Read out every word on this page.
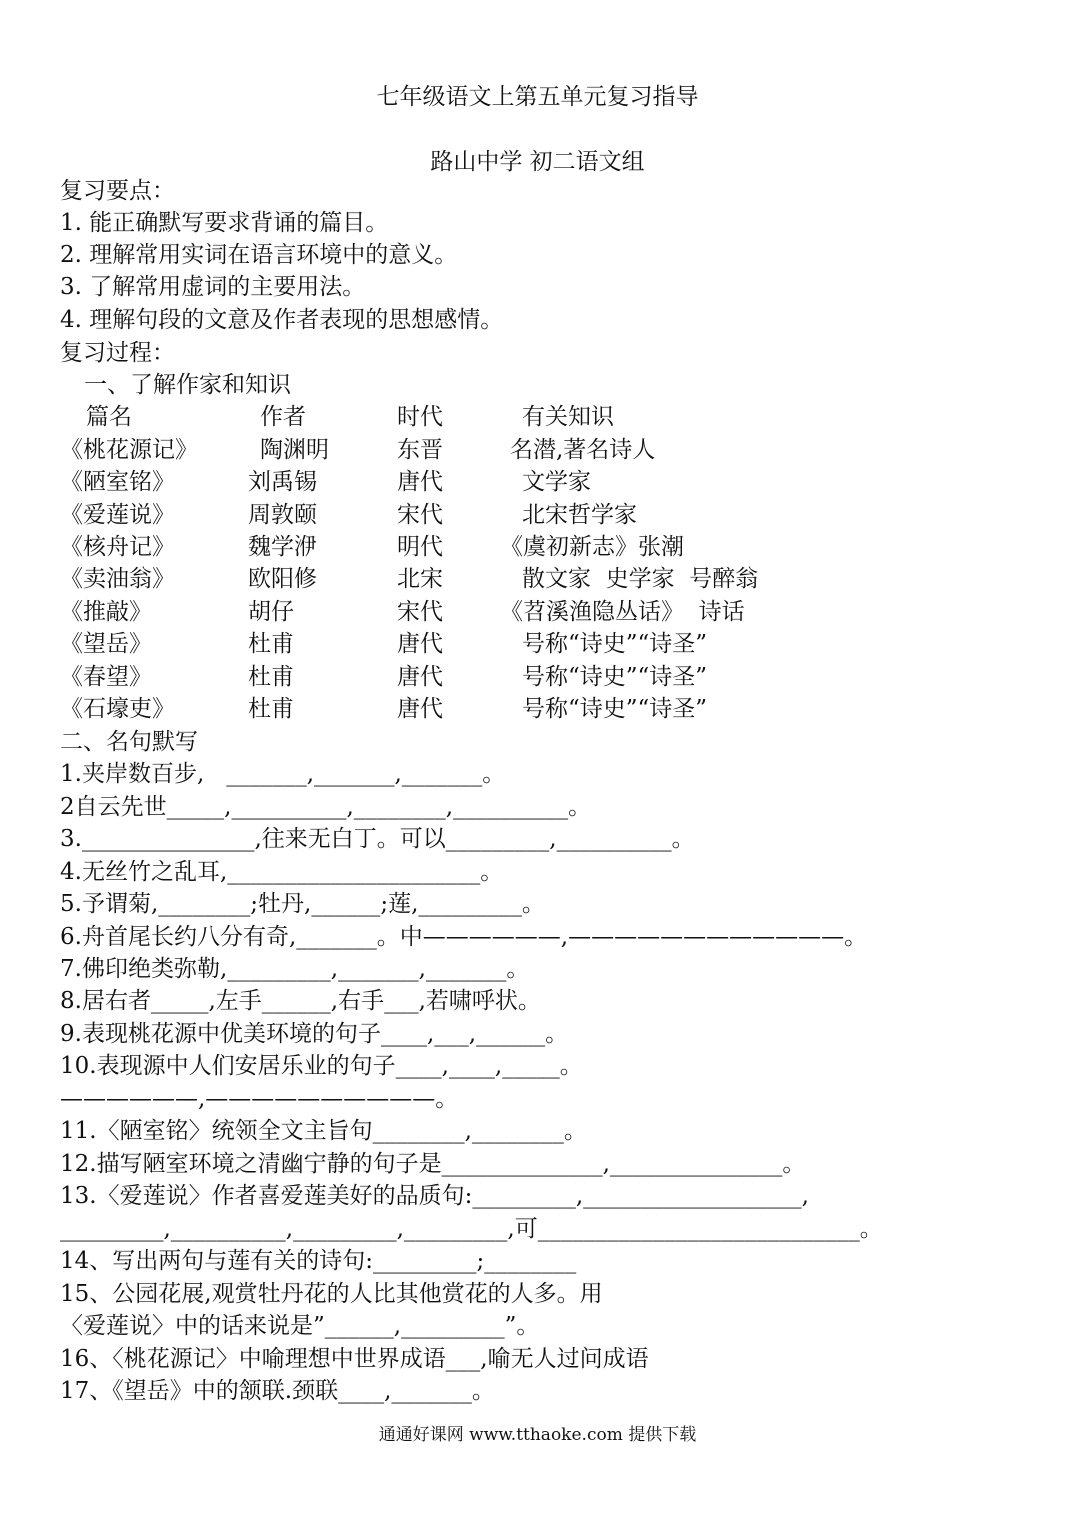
七年级语文上第五单元复习指导
路山中学 初二语文组
复习要点：
1. 能正确默写要求背诵的篇目。
2. 理解常用实词在语言环境中的意义。
3. 了解常用虚词的主要用法。
4. 理解句段的文意及作者表现的思想感情。
复习过程：
一、了解作家和知识
篇名	作者	时代	有关知识
《桃花源记》	陶渊明	东晋	名潜,著名诗人
《陋室铭》	刘禹锡	唐代	文学家
《爱莲说》	周敦颐	宋代	北宋哲学家
《核舟记》	魏学洢	明代 《虞初新志》张潮
《卖油翁》	欧阳修	北宋	散文家  史学家  号醉翁
《推敲》	胡仔	宋代 《苕溪渔隐丛话》  诗话
《望岳》	杜甫	唐代	号称“诗史”“诗圣”
《春望》	杜甫	唐代	号称“诗史”“诗圣”
《石壕吏》	杜甫	唐代	号称“诗史”“诗圣”
二、名句默写
1.夹岸数百步,   _______,_______,_______。
2自云先世_____,__________,________,__________。
3._______________,往来无白丁。可以_________,__________。
4.无丝竹之乱耳,______________________。
5.予谓菊,________;牡丹,______;莲,_________。
6.舟首尾长约八分有奇,_______。中——————,————————————。
7.佛印绝类弥勒,_________,_______,_______。
8.居右者_____,左手______,右手___,若啸呼状。
9.表现桃花源中优美环境的句子____,___,______。
10.表现源中人们安居乐业的句子____,____,_____。
——————,——————————。
11.〈陋室铭〉统领全文主旨句________,________。
12.描写陋室环境之清幽宁静的句子是______________,_______________。
13.〈爱莲说〉作者喜爱莲美好的品质句:_________,___________________,
_________,__________,_________,_________,可____________________________。
14、写出两句与莲有关的诗句:_________;________
15、公园花展,观赏牡丹花的人比其他赏花的人多。用
〈爱莲说〉中的话来说是”______,_________”。
16、〈桃花源记〉中喻理想中世界成语___,喻无人过问成语
17、《望岳》中的颔联.颈联____,_______。
通通好课网 www.tthaoke.com 提供下载
